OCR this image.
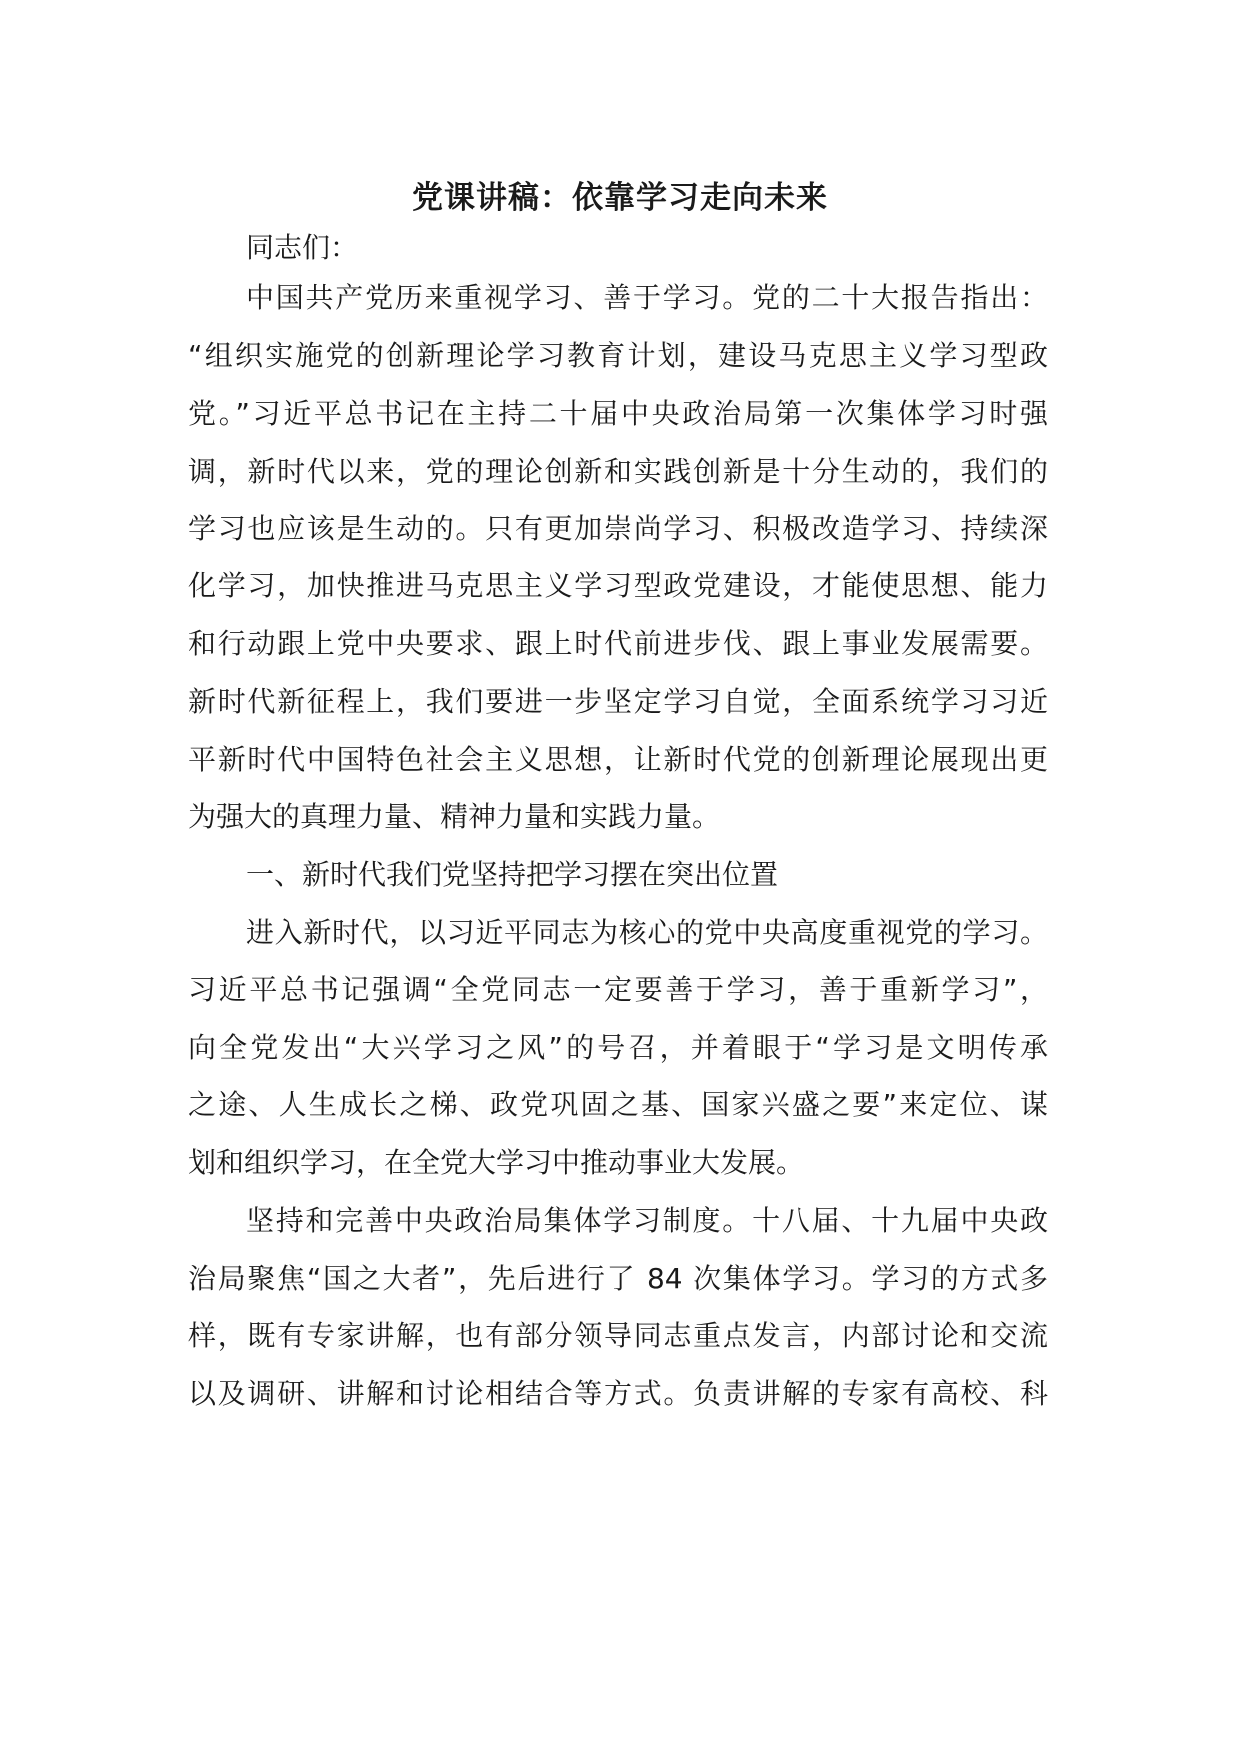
党课讲稿：依靠学习走向未来

同志们：

中国共产党历来重视学习、善于学习。党的二十大报告指出：

“组织实施党的创新理论学习教育计划，建设马克思主义学习型政

党。”习近平总书记在主持二十届中央政治局第一次集体学习时强

调，新时代以来，党的理论创新和实践创新是十分生动的，我们的

学习也应该是生动的。只有更加崇尚学习、积极改造学习、持续深

化学习，加快推进马克思主义学习型政党建设，才能使思想、能力

和行动跟上党中央要求、跟上时代前进步伐、跟上事业发展需要。

新时代新征程上，我们要进一步坚定学习自觉，全面系统学习习近

平新时代中国特色社会主义思想，让新时代党的创新理论展现出更

为强大的真理力量、精神力量和实践力量。

一、新时代我们党坚持把学习摆在突出位置

进入新时代，以习近平同志为核心的党中央高度重视党的学习。

习近平总书记强调“全党同志一定要善于学习，善于重新学习”，

向全党发出“大兴学习之风”的号召，并着眼于“学习是文明传承

之途、人生成长之梯、政党巩固之基、国家兴盛之要”来定位、谋

划和组织学习，在全党大学习中推动事业大发展。

坚持和完善中央政治局集体学习制度。十八届、十九届中央政

治局聚焦“国之大者”，先后进行了 84 次集体学习。学习的方式多

样，既有专家讲解，也有部分领导同志重点发言，内部讨论和交流

以及调研、讲解和讨论相结合等方式。负责讲解的专家有高校、科
